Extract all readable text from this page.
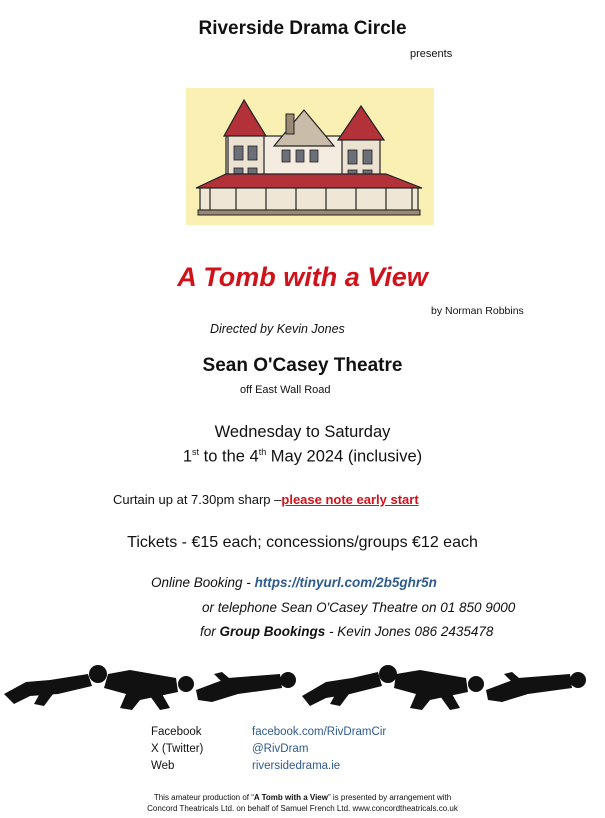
Riverside Drama Circle
presents
A Tomb with a View
by Norman Robbins
Directed by Kevin Jones
Sean O'Casey Theatre
off East Wall Road
Wednesday to Saturday
1st to the 4th May 2024 (inclusive)
Curtain up at 7.30pm sharp –please note early start
Tickets - €15 each; concessions/groups €12 each
Online Booking - https://tinyurl.com/2b5ghr5n
or telephone Sean O'Casey Theatre on 01 850 9000
for Group Bookings - Kevin Jones 086 2435478
Facebook	facebook.com/RivDramCir
X (Twitter)	@RivDram
Web	riversidedrama.ie
This amateur production of “A Tomb with a View” is presented by arrangement with
Concord Theatricals Ltd. on behalf of Samuel French Ltd. www.concordtheatricals.co.uk
